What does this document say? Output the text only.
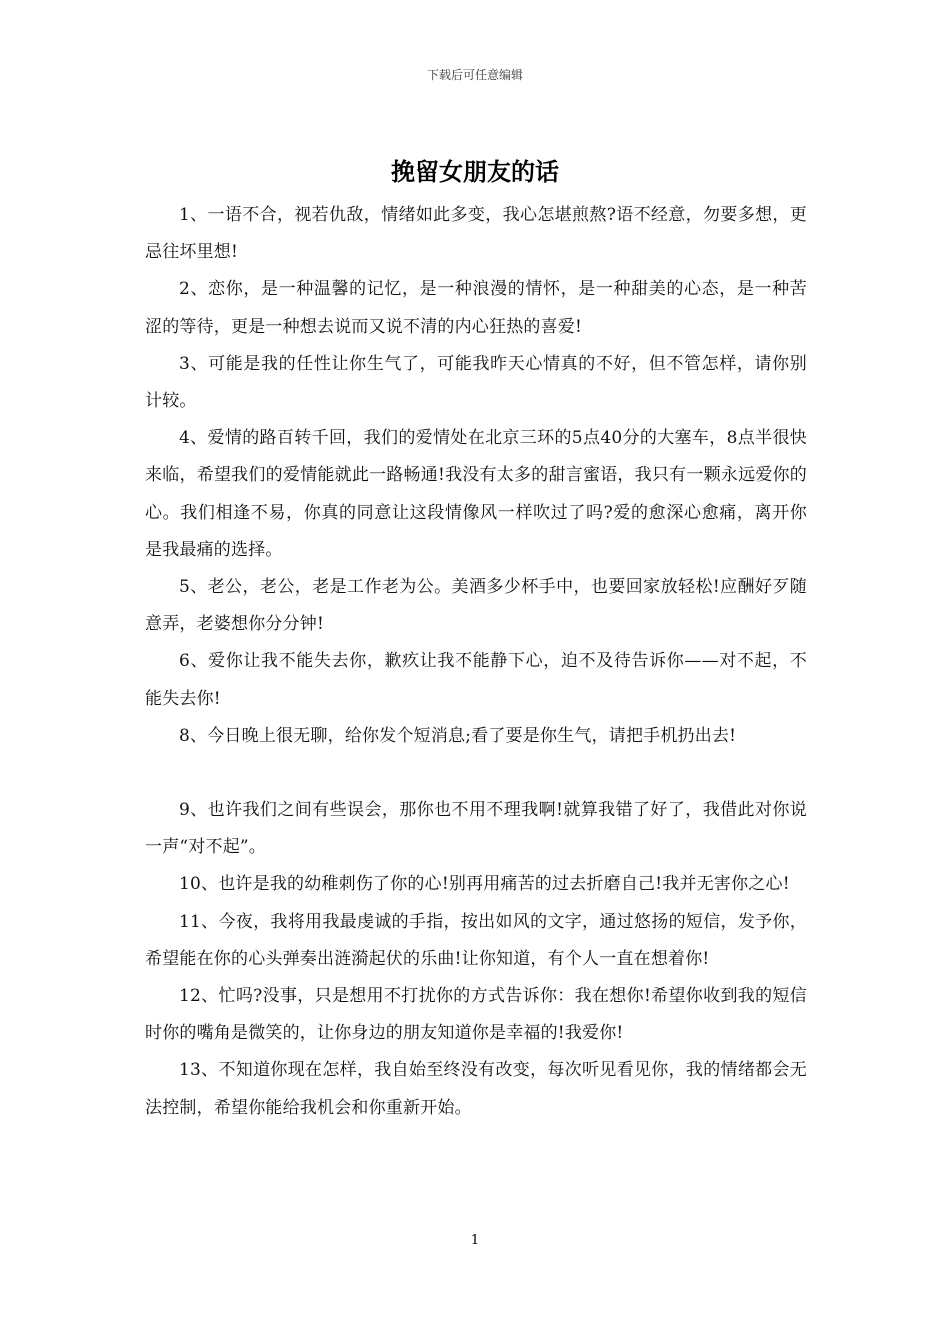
下载后可任意编辑
挽留女朋友的话

1、一语不合，视若仇敌，情绪如此多变，我心怎堪煎熬?语不经意，勿要多想，更忌往坏里想!

2、恋你，是一种温馨的记忆，是一种浪漫的情怀，是一种甜美的心态，是一种苦涩的等待，更是一种想去说而又说不清的内心狂热的喜爱!

3、可能是我的任性让你生气了，可能我昨天心情真的不好，但不管怎样，请你别计较。

4、爱情的路百转千回，我们的爱情处在北京三环的5点40分的大塞车，8点半很快来临，希望我们的爱情能就此一路畅通!我没有太多的甜言蜜语，我只有一颗永远爱你的心。我们相逢不易，你真的同意让这段情像风一样吹过了吗?爱的愈深心愈痛，离开你是我最痛的选择。

5、老公，老公，老是工作老为公。美酒多少杯手中，也要回家放轻松!应酬好歹随意弄，老婆想你分分钟!

6、爱你让我不能失去你，歉疚让我不能静下心，迫不及待告诉你——对不起，不能失去你!

8、今日晚上很无聊，给你发个短消息;看了要是你生气，请把手机扔出去!

9、也许我们之间有些误会，那你也不用不理我啊!就算我错了好了，我借此对你说一声“对不起”。

10、也许是我的幼稚刺伤了你的心!别再用痛苦的过去折磨自己!我并无害你之心!

11、今夜，我将用我最虔诚的手指，按出如风的文字，通过悠扬的短信，发予你，希望能在你的心头弹奏出涟漪起伏的乐曲!让你知道，有个人一直在想着你!

12、忙吗?没事，只是想用不打扰你的方式告诉你：我在想你!希望你收到我的短信时你的嘴角是微笑的，让你身边的朋友知道你是幸福的!我爱你!

13、不知道你现在怎样，我自始至终没有改变，每次听见看见你，我的情绪都会无法控制，希望你能给我机会和你重新开始。

1
